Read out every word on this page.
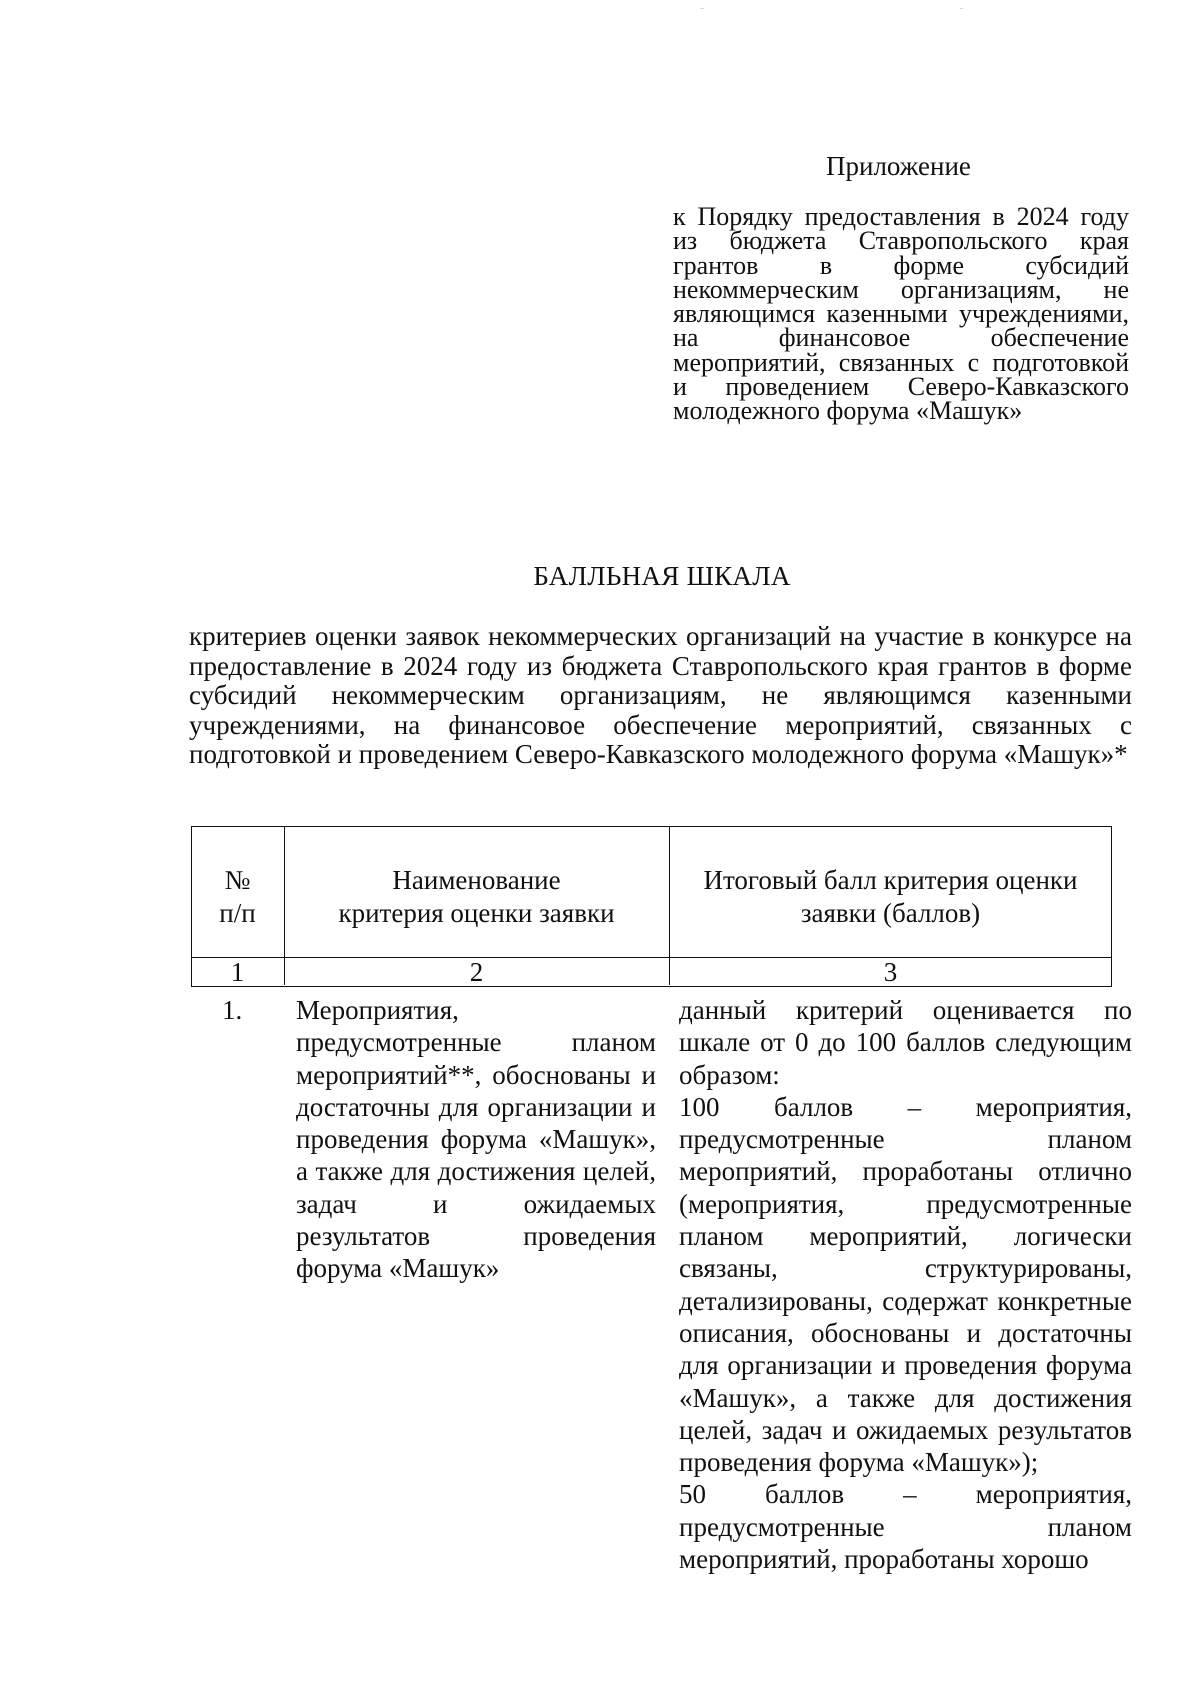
Приложение
к Порядку предоставления в 2024 году из бюджета Ставропольского края грантов в форме субсидий некоммерческим организациям, не являющимся казенными учреждениями, на финансовое обеспечение мероприятий, связанных с подготовкой и проведением Северо-Кавказского молодежного форума «Машук»
БАЛЛЬНАЯ ШКАЛА
критериев оценки заявок некоммерческих организаций на участие в конкурсе на предоставление в 2024 году из бюджета Ставропольского края грантов в форме субсидий некоммерческим организациям, не являющимся казенными учреждениями, на финансовое обеспечение мероприятий, связанных с подготовкой и проведением Северо-Кавказского молодежного форума «Машук»*
№
п/п
Наименование
критерия оценки заявки
Итоговый балл критерия оценки
заявки (баллов)
1	2	3
1. Мероприятия, предусмотренные планом мероприятий**, обоснованы и достаточны для организации и проведения форума «Машук», а также для достижения целей, задач и ожидаемых результатов проведения форума «Машук»

данный критерий оценивается по шкале от 0 до 100 баллов следующим образом:

100 баллов – мероприятия, предусмотренные планом мероприятий, проработаны отлично (мероприятия, предусмотренные планом мероприятий, логически связаны, структурированы, детализированы, содержат конкретные описания, обоснованы и достаточны для организации и проведения форума «Машук», а также для достижения целей, задач и ожидаемых результатов проведения форума «Машук»);

50 баллов – мероприятия, предусмотренные планом мероприятий, проработаны хорошо
